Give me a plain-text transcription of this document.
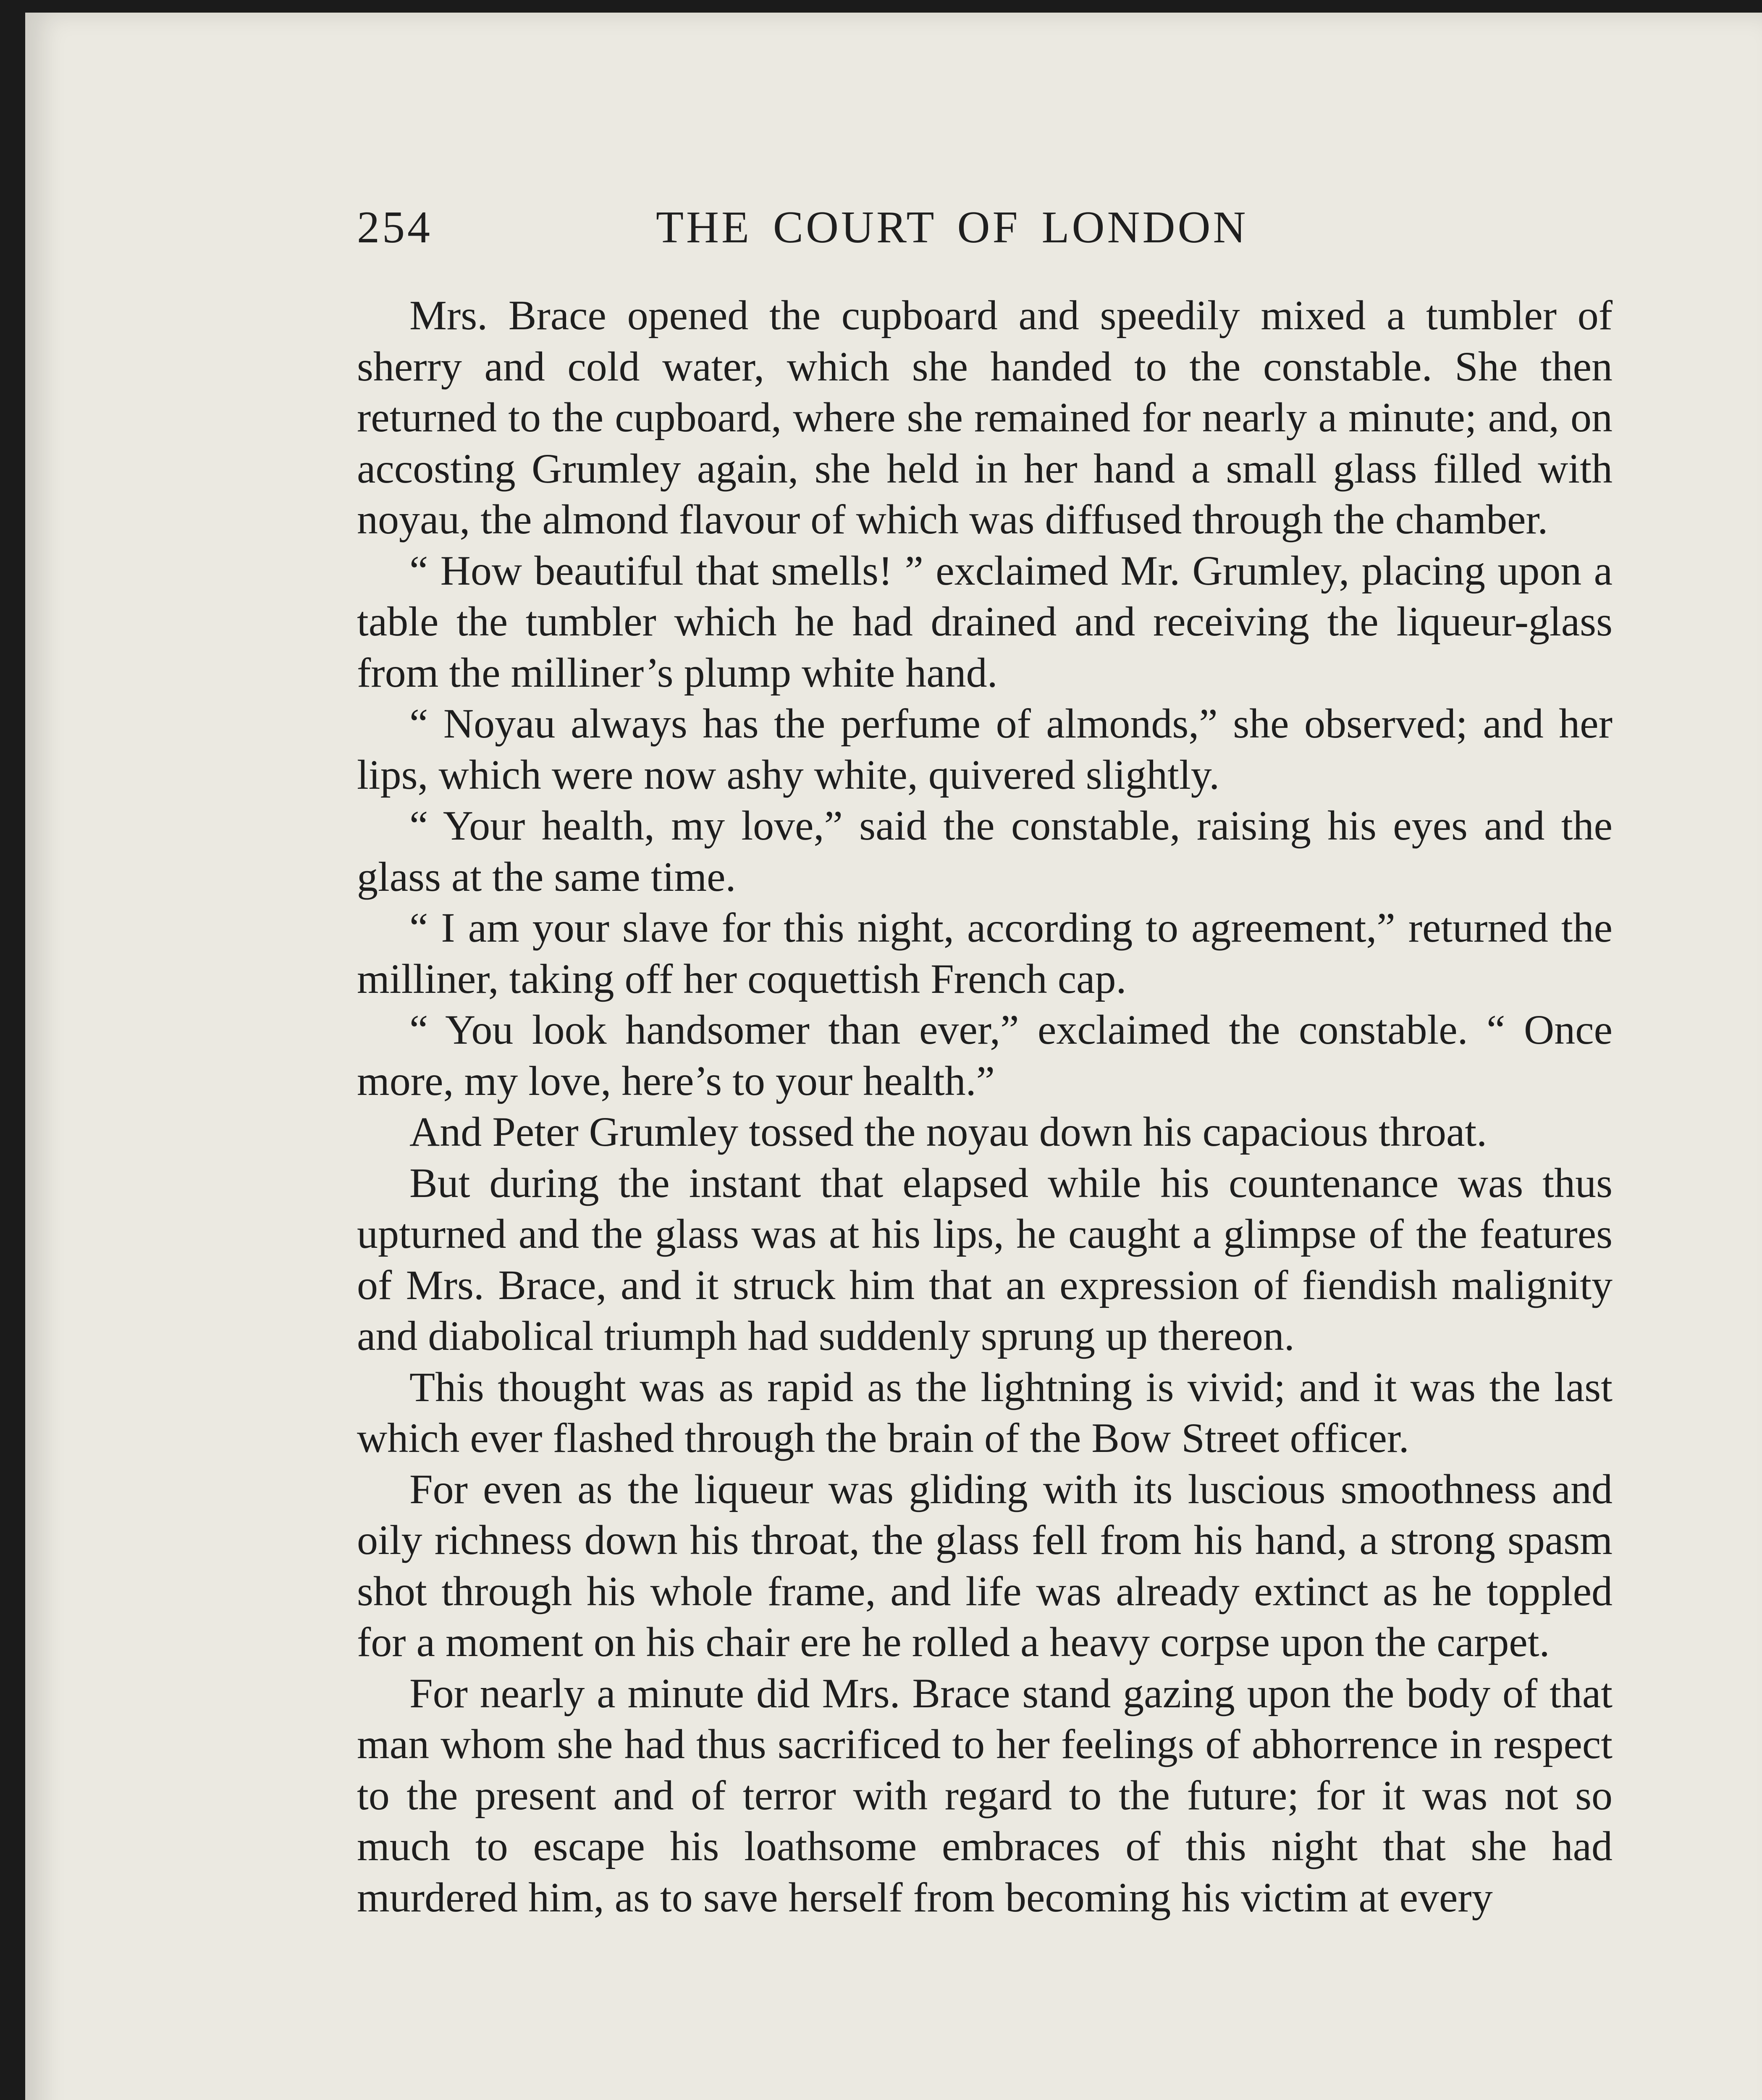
254	THE COURT OF LONDON

Mrs. Brace opened the cupboard and speedily mixed a tumbler of sherry and cold water, which she handed to the constable. She then returned to the cupboard, where she remained for nearly a minute; and, on accosting Grumley again, she held in her hand a small glass filled with noyau, the almond flavour of which was diffused through the chamber.

“ How beautiful that smells! ” exclaimed Mr. Grumley, placing upon a table the tumbler which he had drained and receiving the liqueur-glass from the milliner’s plump white hand.

“ Noyau always has the perfume of almonds,” she observed; and her lips, which were now ashy white, quivered slightly.

“ Your health, my love,” said the constable, raising his eyes and the glass at the same time.

“ I am your slave for this night, according to agreement,” returned the milliner, taking off her coquettish French cap.

“ You look handsomer than ever,” exclaimed the constable. “ Once more, my love, here’s to your health.”

And Peter Grumley tossed the noyau down his capacious throat.

But during the instant that elapsed while his countenance was thus upturned and the glass was at his lips, he caught a glimpse of the features of Mrs. Brace, and it struck him that an expression of fiendish malignity and diabolical triumph had suddenly sprung up thereon.

This thought was as rapid as the lightning is vivid; and it was the last which ever flashed through the brain of the Bow Street officer.

For even as the liqueur was gliding with its luscious smoothness and oily richness down his throat, the glass fell from his hand, a strong spasm shot through his whole frame, and life was already extinct as he toppled for a moment on his chair ere he rolled a heavy corpse upon the carpet.

For nearly a minute did Mrs. Brace stand gazing upon the body of that man whom she had thus sacrificed to her feelings of abhorrence in respect to the present and of terror with regard to the future; for it was not so much to escape his loathsome embraces of this night that she had murdered him, as to save herself from becoming his victim at every
